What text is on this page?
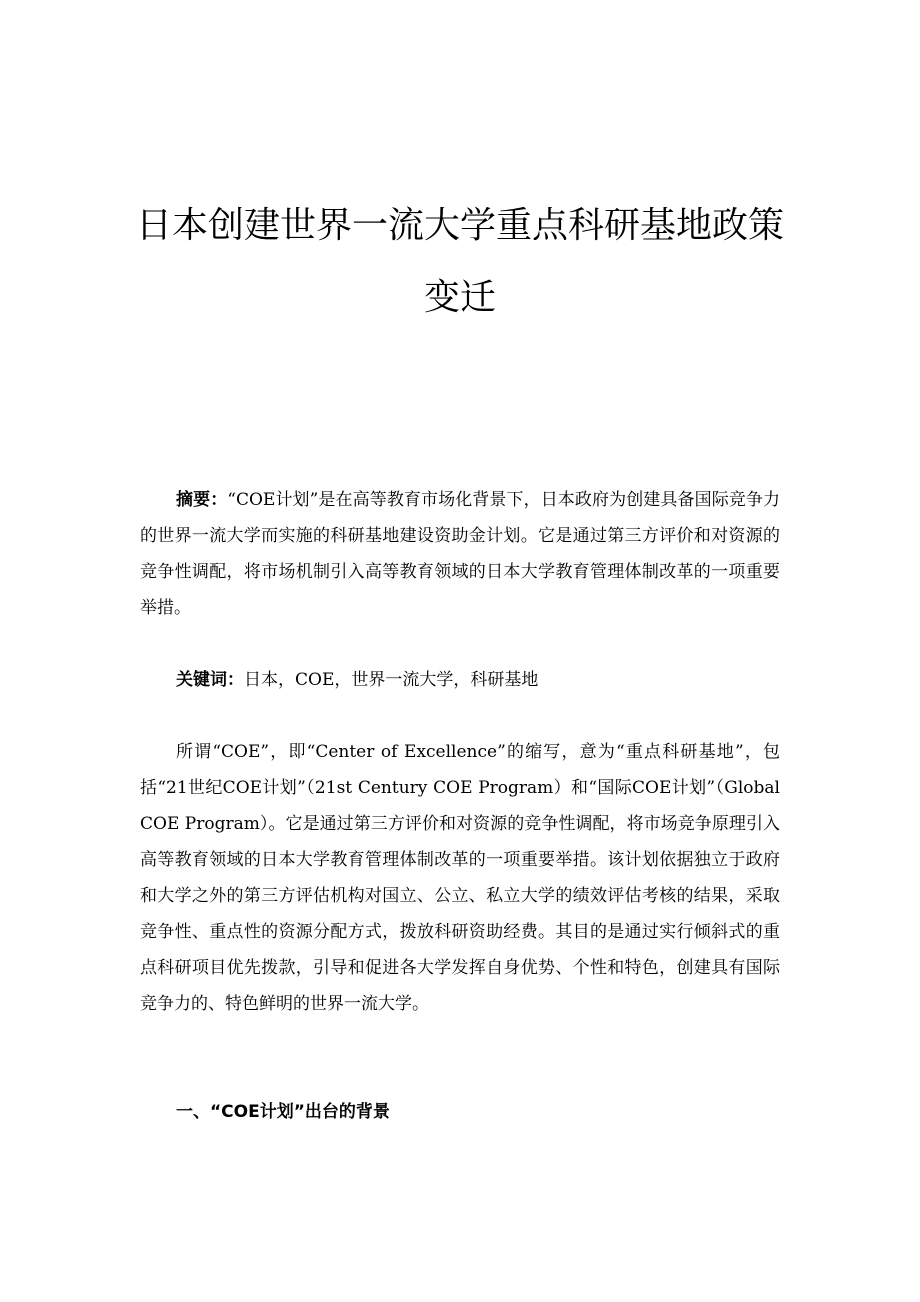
日本创建世界一流大学重点科研基地政策变迁

摘要：“COE计划”是在高等教育市场化背景下，日本政府为创建具备国际竞争力的世界一流大学而实施的科研基地建设资助金计划。它是通过第三方评价和对资源的竞争性调配，将市场机制引入高等教育领域的日本大学教育管理体制改革的一项重要举措。

关键词：日本，COE，世界一流大学，科研基地

所谓“COE”，即“Center of Excellence”的缩写，意为“重点科研基地”，包括“21世纪COE计划”（21st Century COE Program）和“国际COE计划”（Global COE Program）。它是通过第三方评价和对资源的竞争性调配，将市场竞争原理引入高等教育领域的日本大学教育管理体制改革的一项重要举措。该计划依据独立于政府和大学之外的第三方评估机构对国立、公立、私立大学的绩效评估考核的结果，采取竞争性、重点性的资源分配方式，拨放科研资助经费。其目的是通过实行倾斜式的重点科研项目优先拨款，引导和促进各大学发挥自身优势、个性和特色，创建具有国际竞争力的、特色鲜明的世界一流大学。

一、“COE计划”出台的背景
